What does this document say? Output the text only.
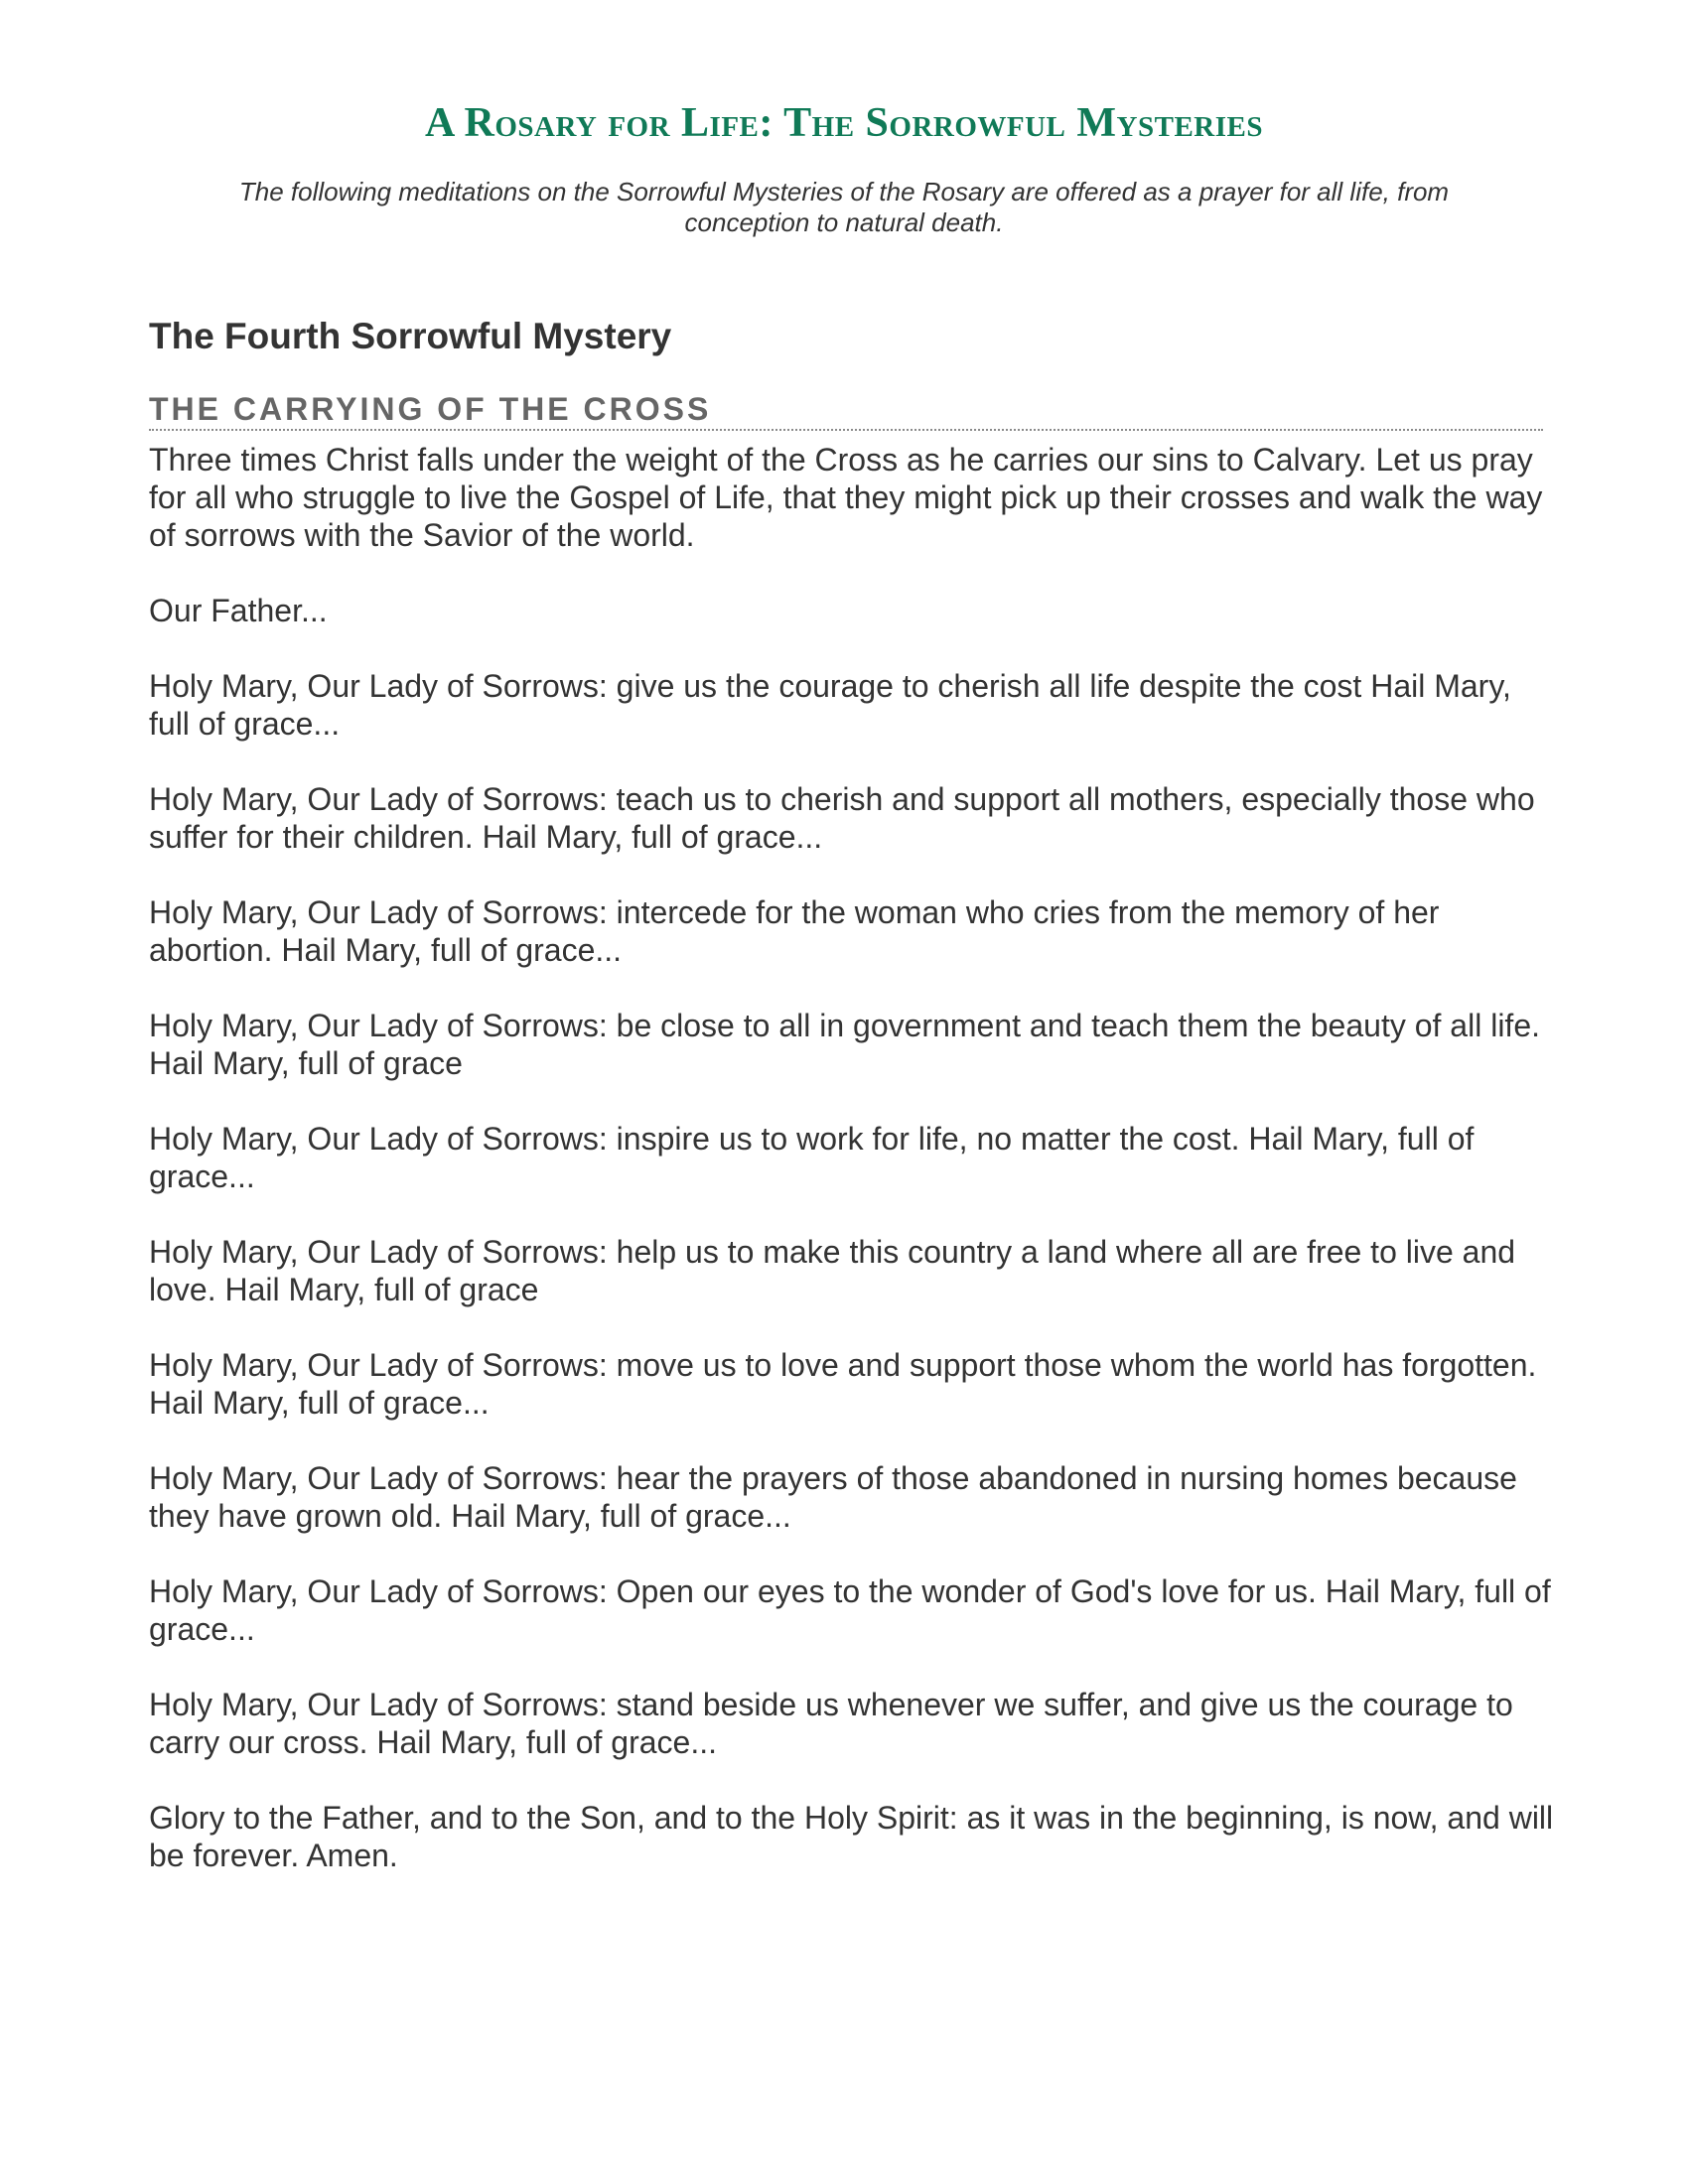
A Rosary for Life: The Sorrowful Mysteries

The following meditations on the Sorrowful Mysteries of the Rosary are offered as a prayer for all life, from conception to natural death.

The Fourth Sorrowful Mystery
THE CARRYING OF THE CROSS

Three times Christ falls under the weight of the Cross as he carries our sins to Calvary. Let us pray for all who struggle to live the Gospel of Life, that they might pick up their crosses and walk the way of sorrows with the Savior of the world.

Our Father...

Holy Mary, Our Lady of Sorrows: give us the courage to cherish all life despite the cost Hail Mary, full of grace...

Holy Mary, Our Lady of Sorrows: teach us to cherish and support all mothers, especially those who suffer for their children. Hail Mary, full of grace...

Holy Mary, Our Lady of Sorrows: intercede for the woman who cries from the memory of her abortion. Hail Mary, full of grace...

Holy Mary, Our Lady of Sorrows: be close to all in government and teach them the beauty of all life. Hail Mary, full of grace

Holy Mary, Our Lady of Sorrows: inspire us to work for life, no matter the cost. Hail Mary, full of grace...

Holy Mary, Our Lady of Sorrows: help us to make this country a land where all are free to live and love. Hail Mary, full of grace

Holy Mary, Our Lady of Sorrows: move us to love and support those whom the world has forgotten. Hail Mary, full of grace...

Holy Mary, Our Lady of Sorrows: hear the prayers of those abandoned in nursing homes because they have grown old. Hail Mary, full of grace...

Holy Mary, Our Lady of Sorrows: Open our eyes to the wonder of God's love for us. Hail Mary, full of grace...

Holy Mary, Our Lady of Sorrows: stand beside us whenever we suffer, and give us the courage to carry our cross. Hail Mary, full of grace...

Glory to the Father, and to the Son, and to the Holy Spirit: as it was in the beginning, is now, and will be forever. Amen.
